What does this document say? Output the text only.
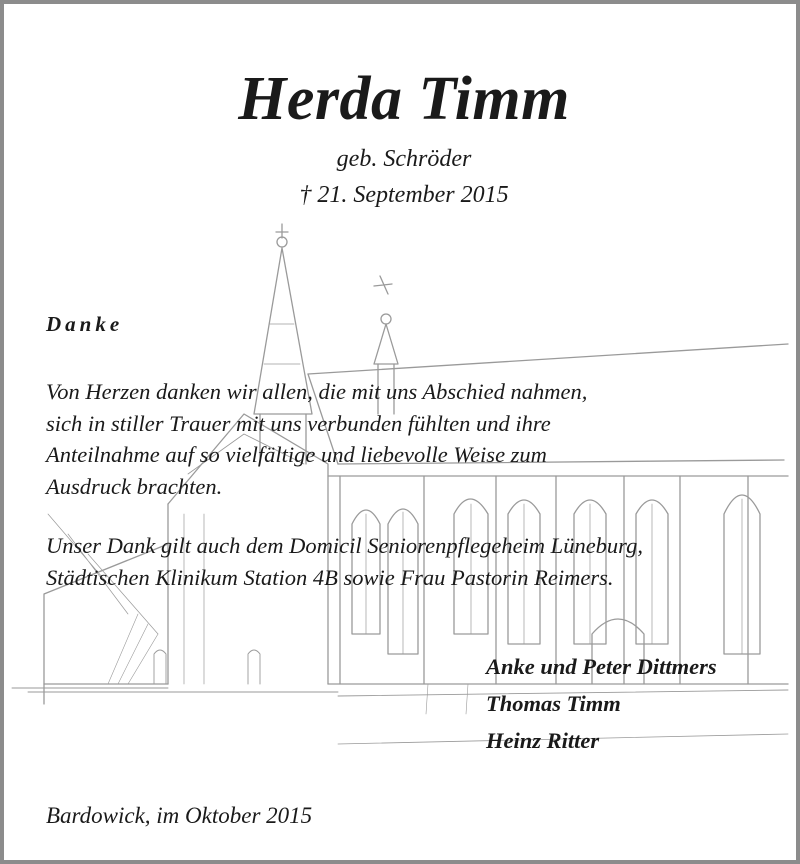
Herda Timm
geb. Schröder
† 21. September 2015
Danke
Von Herzen danken wir allen, die mit uns Abschied nahmen,
sich in stiller Trauer mit uns verbunden fühlten und ihre
Anteilnahme auf so vielfältige und liebevolle Weise zum
Ausdruck brachten.
Unser Dank gilt auch dem Domicil Seniorenpflegeheim Lüneburg,
Städtischen Klinikum Station 4B sowie Frau Pastorin Reimers.
Anke und Peter Dittmers
Thomas Timm
Heinz Ritter
Bardowick, im Oktober 2015
